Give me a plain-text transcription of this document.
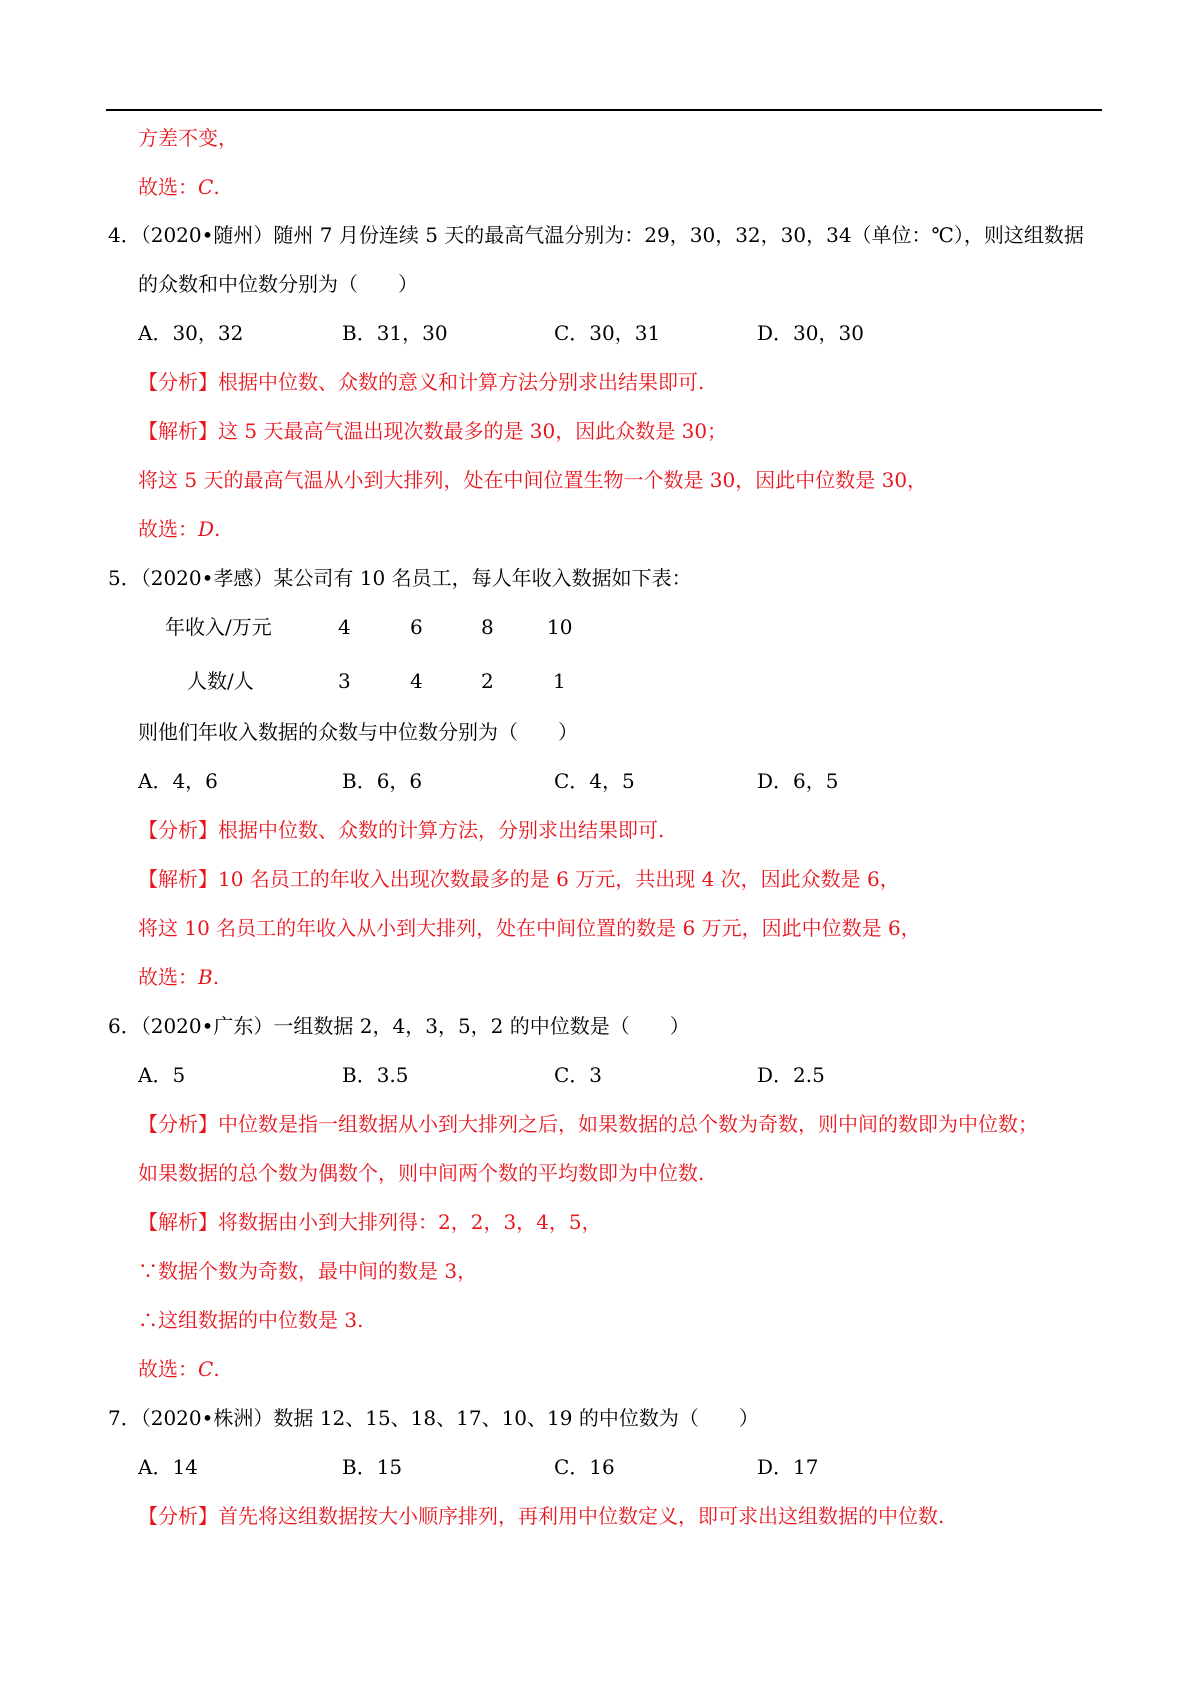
方差不变，
故选：C.
4．（2020•随州）随州 7 月份连续 5 天的最高气温分别为：29，30，32，30，34（单位：℃），则这组数据
的众数和中位数分别为（　　）
A．30，32	B．31，30	C．30，31	D．30，30
【分析】根据中位数、众数的意义和计算方法分别求出结果即可.
【解析】这 5 天最高气温出现次数最多的是 30，因此众数是 30；
将这 5 天的最高气温从小到大排列，处在中间位置生物一个数是 30，因此中位数是 30，
故选：D.
5．（2020•孝感）某公司有 10 名员工，每人年收入数据如下表：
年收入/万元	4	6	8	10
人数/人	3	4	2	1
则他们年收入数据的众数与中位数分别为（　　）
A．4，6	B．6，6	C．4，5	D．6，5
【分析】根据中位数、众数的计算方法，分别求出结果即可.
【解析】10 名员工的年收入出现次数最多的是 6 万元，共出现 4 次，因此众数是 6，
将这 10 名员工的年收入从小到大排列，处在中间位置的数是 6 万元，因此中位数是 6，
故选：B.
6．（2020•广东）一组数据 2，4，3，5，2 的中位数是（　　）
A．5	B．3.5	C．3	D．2.5
【分析】中位数是指一组数据从小到大排列之后，如果数据的总个数为奇数，则中间的数即为中位数；
如果数据的总个数为偶数个，则中间两个数的平均数即为中位数.
【解析】将数据由小到大排列得：2，2，3，4，5，
∵数据个数为奇数，最中间的数是 3，
∴这组数据的中位数是 3.
故选：C.
7．（2020•株洲）数据 12、15、18、17、10、19 的中位数为（　　）
A．14	B．15	C．16	D．17
【分析】首先将这组数据按大小顺序排列，再利用中位数定义，即可求出这组数据的中位数.
